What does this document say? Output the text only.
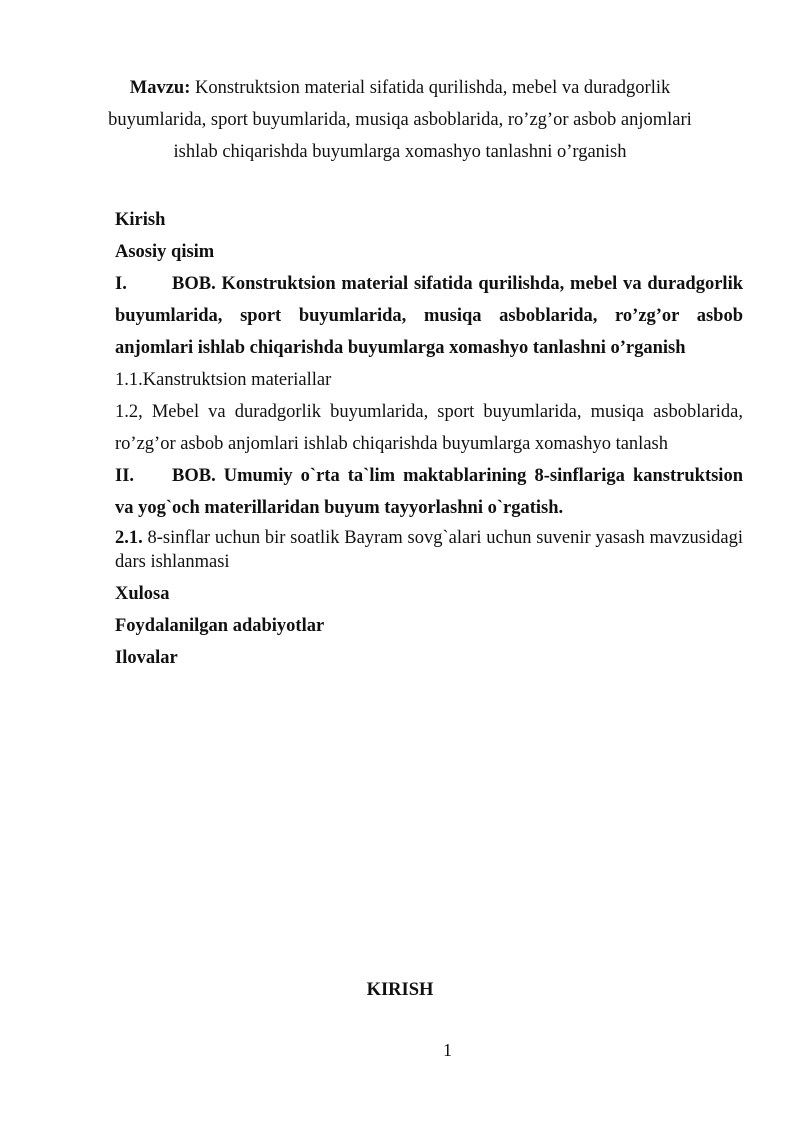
Mavzu: Konstruktsion material sifatida qurilishda, mebel va duradgorlik buyumlarida, sport buyumlarida, musiqa asboblarida, ro’zg’or asbob anjomlari ishlab chiqarishda buyumlarga xomashyo tanlashni o’rganish
Kirish
Asosiy qisim
I. BOB. Konstruktsion material sifatida qurilishda, mebel va duradgorlik buyumlarida, sport buyumlarida, musiqa asboblarida, ro’zg’or asbob anjomlari ishlab chiqarishda buyumlarga xomashyo tanlashni o’rganish
1.1.Kanstruktsion materiallar
1.2, Mebel va duradgorlik buyumlarida, sport buyumlarida, musiqa asboblarida, ro’zg’or asbob anjomlari ishlab chiqarishda buyumlarga xomashyo tanlash
II. BOB. Umumiy o`rta ta`lim maktablarining 8-sinflariga kanstruktsion va yog`och materillaridan buyum tayyorlashni o`rgatish.
2.1. 8-sinflar uchun bir soatlik Bayram sovg`alari uchun suvenir yasash mavzusidagi dars ishlanmasi
Xulosa
Foydalanilgan adabiyotlar
Ilovalar
KIRISH
1
